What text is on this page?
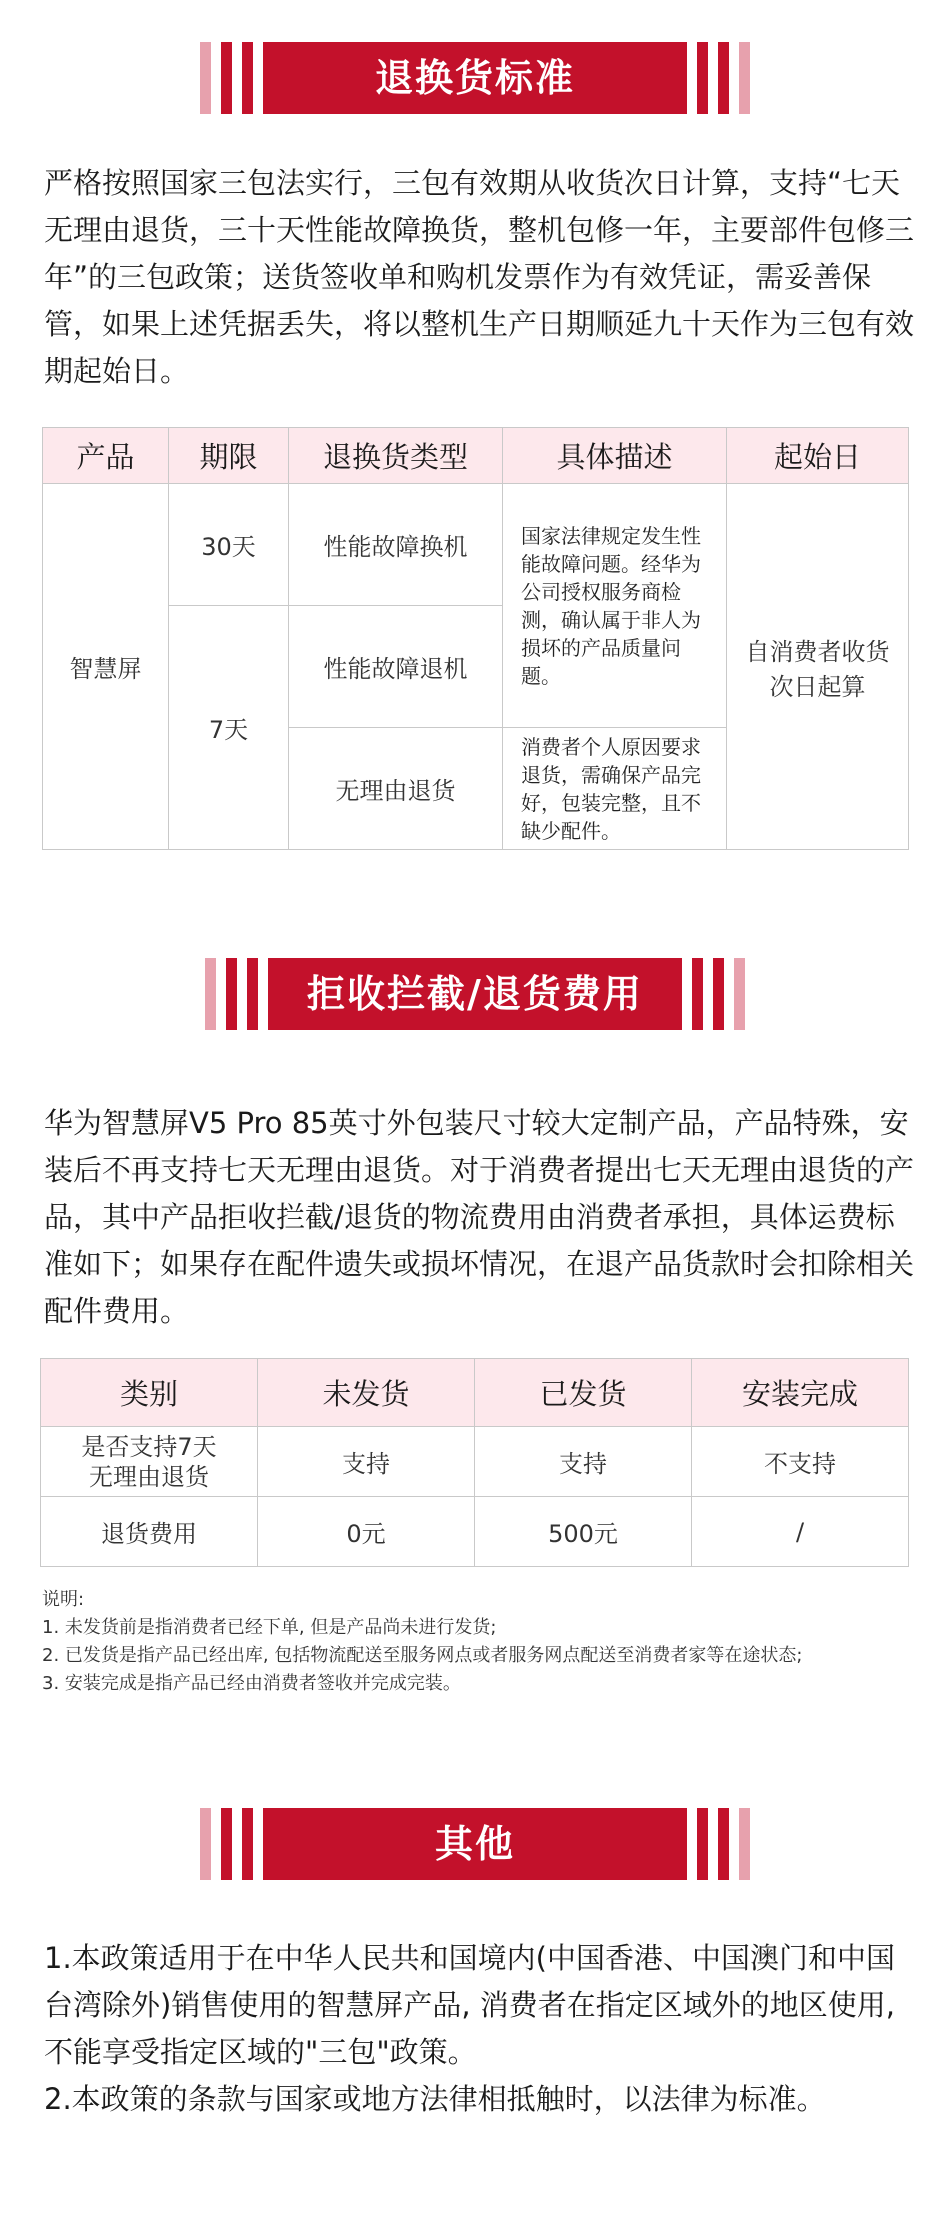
退换货标准
严格按照国家三包法实行，三包有效期从收货次日计算，支持“七天无理由退货，三十天性能故障换货，整机包修一年，主要部件包修三年”的三包政策；送货签收单和购机发票作为有效凭证，需妥善保管，如果上述凭据丢失，将以整机生产日期顺延九十天作为三包有效期起始日。
产品	期限	退换货类型	具体描述	起始日
智慧屏	30天	性能故障换机	国家法律规定发生性能故障问题。经华为公司授权服务商检测，确认属于非人为损坏的产品质量问题。	自消费者收货次日起算
	7天	性能故障退机		
		无理由退货	消费者个人原因要求退货，需确保产品完好，包装完整，且不缺少配件。	
拒收拦截/退货费用
华为智慧屏V5 Pro 85英寸外包装尺寸较大定制产品，产品特殊，安装后不再支持七天无理由退货。对于消费者提出七天无理由退货的产品，其中产品拒收拦截/退货的物流费用由消费者承担，具体运费标准如下；如果存在配件遗失或损坏情况，在退产品货款时会扣除相关配件费用。
类别	未发货	已发货	安装完成
是否支持7天无理由退货	支持	支持	不支持
退货费用	0元	500元	/
说明:
1. 未发货前是指消费者已经下单, 但是产品尚未进行发货;
2. 已发货是指产品已经出库, 包括物流配送至服务网点或者服务网点配送至消费者家等在途状态;
3. 安装完成是指产品已经由消费者签收并完成完装。
其他
1.本政策适用于在中华人民共和国境内(中国香港、中国澳门和中国台湾除外)销售使用的智慧屏产品, 消费者在指定区域外的地区使用, 不能享受指定区域的"三包"政策。
2.本政策的条款与国家或地方法律相抵触时，以法律为标准。
